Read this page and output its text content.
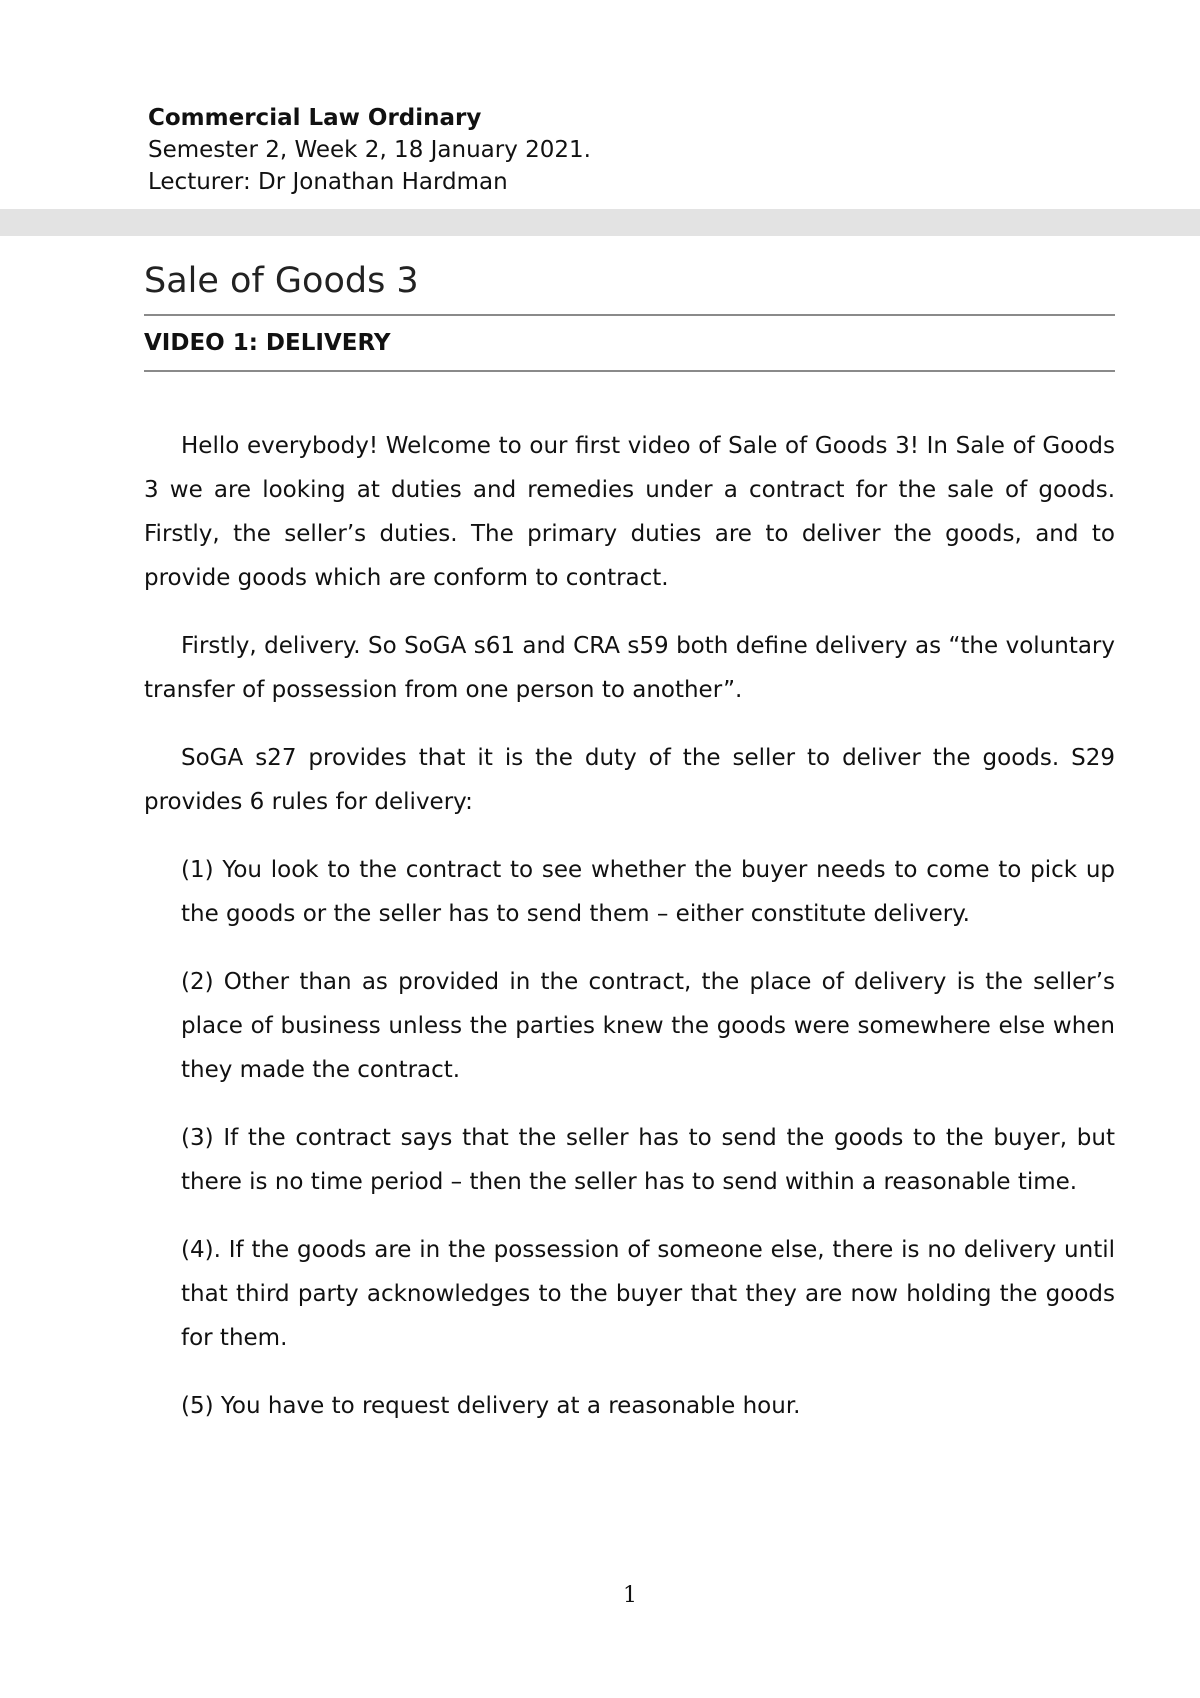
Commercial Law Ordinary

Semester 2, Week 2, 18 January 2021.

Lecturer: Dr Jonathan Hardman

Sale of Goods 3
VIDEO 1: DELIVERY

Hello everybody! Welcome to our first video of Sale of Goods 3! In Sale of Goods 3 we are looking at duties and remedies under a contract for the sale of goods. Firstly, the seller’s duties. The primary duties are to deliver the goods, and to provide goods which are conform to contract.

Firstly, delivery. So SoGA s61 and CRA s59 both define delivery as “the voluntary transfer of possession from one person to another”.

SoGA s27 provides that it is the duty of the seller to deliver the goods. S29 provides 6 rules for delivery:

(1) You look to the contract to see whether the buyer needs to come to pick up the goods or the seller has to send them – either constitute delivery.

(2) Other than as provided in the contract, the place of delivery is the seller’s place of business unless the parties knew the goods were somewhere else when they made the contract.

(3) If the contract says that the seller has to send the goods to the buyer, but there is no time period – then the seller has to send within a reasonable time.

(4). If the goods are in the possession of someone else, there is no delivery until that third party acknowledges to the buyer that they are now holding the goods for them.

(5) You have to request delivery at a reasonable hour.

1
